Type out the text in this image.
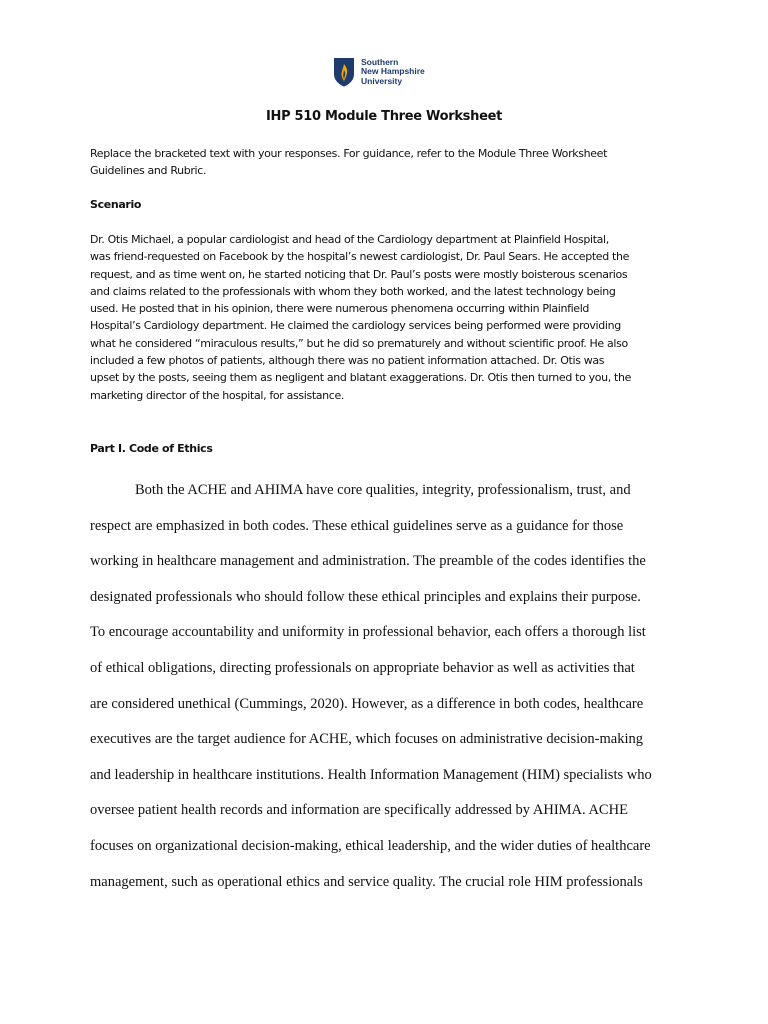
Southern
New Hampshire
University
IHP 510 Module Three Worksheet
Replace the bracketed text with your responses. For guidance, refer to the Module Three Worksheet
Guidelines and Rubric.
Scenario
Dr. Otis Michael, a popular cardiologist and head of the Cardiology department at Plainfield Hospital,
was friend-requested on Facebook by the hospital’s newest cardiologist, Dr. Paul Sears. He accepted the
request, and as time went on, he started noticing that Dr. Paul’s posts were mostly boisterous scenarios
and claims related to the professionals with whom they both worked, and the latest technology being
used. He posted that in his opinion, there were numerous phenomena occurring within Plainfield
Hospital’s Cardiology department. He claimed the cardiology services being performed were providing
what he considered “miraculous results,” but he did so prematurely and without scientific proof. He also
included a few photos of patients, although there was no patient information attached. Dr. Otis was
upset by the posts, seeing them as negligent and blatant exaggerations. Dr. Otis then turned to you, the
marketing director of the hospital, for assistance.
Part I. Code of Ethics
Both the ACHE and AHIMA have core qualities, integrity, professionalism, trust, and
respect are emphasized in both codes. These ethical guidelines serve as a guidance for those
working in healthcare management and administration. The preamble of the codes identifies the
designated professionals who should follow these ethical principles and explains their purpose.
To encourage accountability and uniformity in professional behavior, each offers a thorough list
of ethical obligations, directing professionals on appropriate behavior as well as activities that
are considered unethical (Cummings, 2020). However, as a difference in both codes, healthcare
executives are the target audience for ACHE, which focuses on administrative decision-making
and leadership in healthcare institutions. Health Information Management (HIM) specialists who
oversee patient health records and information are specifically addressed by AHIMA. ACHE
focuses on organizational decision-making, ethical leadership, and the wider duties of healthcare
management, such as operational ethics and service quality. The crucial role HIM professionals
